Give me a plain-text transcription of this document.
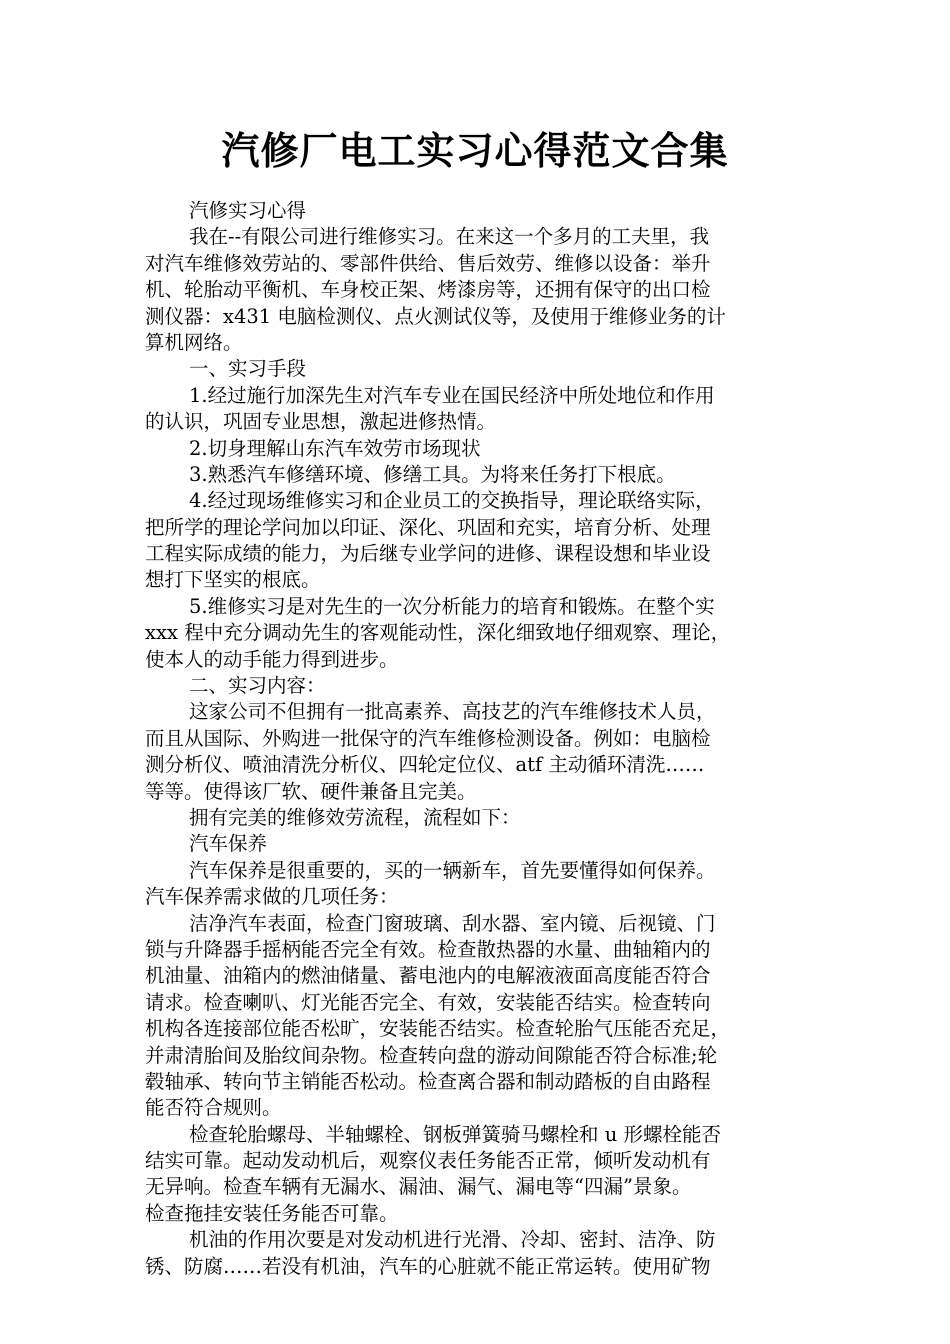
汽修厂电工实习心得范文合集
汽修实习心得
我在--有限公司进行维修实习。在来这一个多月的工夫里，我
对汽车维修效劳站的、零部件供给、售后效劳、维修以设备：举升
机、轮胎动平衡机、车身校正架、烤漆房等，还拥有保守的出口检
测仪器：x431 电脑检测仪、点火测试仪等，及使用于维修业务的计
算机网络。
一、实习手段
1.经过施行加深先生对汽车专业在国民经济中所处地位和作用
的认识，巩固专业思想，激起进修热情。
2.切身理解山东汽车效劳市场现状
3.熟悉汽车修缮环境、修缮工具。为将来任务打下根底。
4.经过现场维修实习和企业员工的交换指导，理论联络实际，
把所学的理论学问加以印证、深化、巩固和充实，培育分析、处理
工程实际成绩的能力，为后继专业学问的进修、课程设想和毕业设
想打下坚实的根底。
5.维修实习是对先生的一次分析能力的培育和锻炼。在整个实
xxx 程中充分调动先生的客观能动性，深化细致地仔细观察、理论，
使本人的动手能力得到进步。
二、实习内容：
这家公司不但拥有一批高素养、高技艺的汽车维修技术人员，
而且从国际、外购进一批保守的汽车维修检测设备。例如：电脑检
测分析仪、喷油清洗分析仪、四轮定位仪、atf 主动循环清洗……
等等。使得该厂软、硬件兼备且完美。
拥有完美的维修效劳流程，流程如下：
汽车保养
汽车保养是很重要的，买的一辆新车，首先要懂得如何保养。
汽车保养需求做的几项任务：
洁净汽车表面，检查门窗玻璃、刮水器、室内镜、后视镜、门
锁与升降器手摇柄能否完全有效。检查散热器的水量、曲轴箱内的
机油量、油箱内的燃油储量、蓄电池内的电解液液面高度能否符合
请求。检查喇叭、灯光能否完全、有效，安装能否结实。检查转向
机构各连接部位能否松旷，安装能否结实。检查轮胎气压能否充足，
并肃清胎间及胎纹间杂物。检查转向盘的游动间隙能否符合标准;轮
毂轴承、转向节主销能否松动。检查离合器和制动踏板的自由路程
能否符合规则。
检查轮胎螺母、半轴螺栓、钢板弹簧骑马螺栓和 u 形螺栓能否
结实可靠。起动发动机后，观察仪表任务能否正常，倾听发动机有
无异响。检查车辆有无漏水、漏油、漏气、漏电等“四漏”景象。
检查拖挂安装任务能否可靠。
机油的作用次要是对发动机进行光滑、冷却、密封、洁净、防
锈、防腐……若没有机油，汽车的心脏就不能正常运转。使用矿物
